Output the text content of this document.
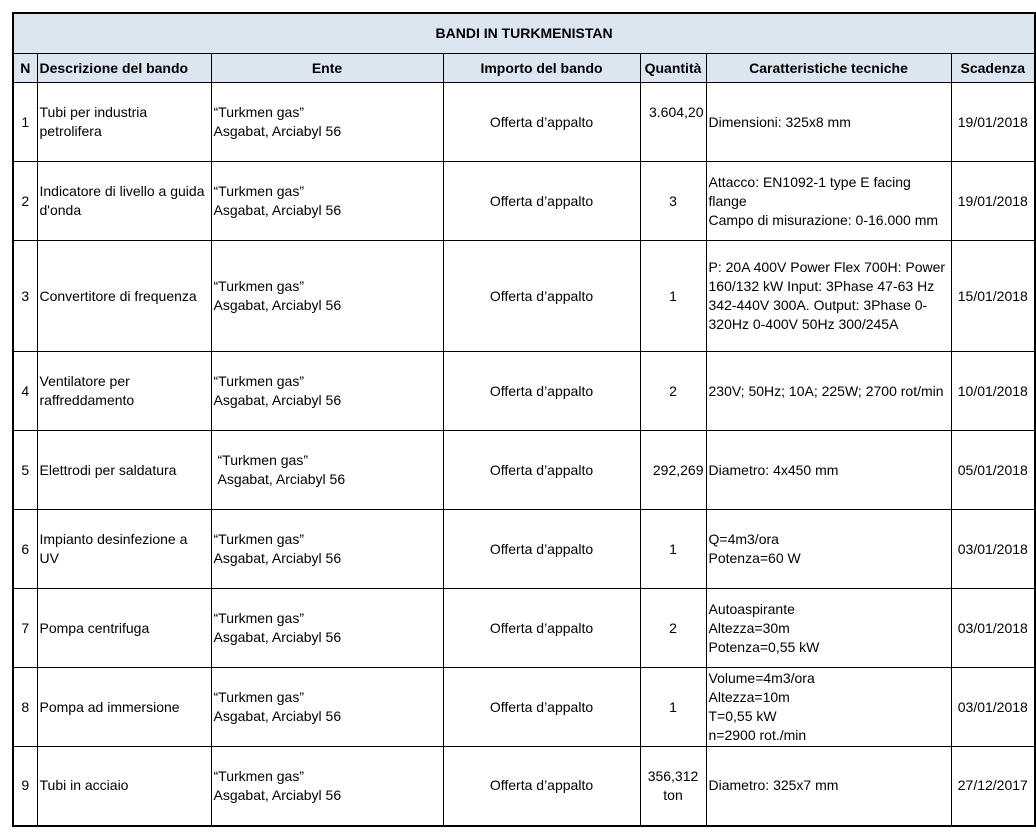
BANDI IN TURKMENISTAN						
N	Descrizione del bando	Ente	Importo del bando	Quantità	Caratteristiche tecniche	Scadenza
1	Tubi per industria petrolifera	“Turkmen gas”
Asgabat, Arciabyl 56	Offerta d’appalto	3.604,20	Dimensioni: 325x8 mm	19/01/2018
2	Indicatore di livello a guida d'onda	“Turkmen gas”
Asgabat, Arciabyl 56	Offerta d’appalto	3	Attacco: EN1092-1 type E facing flange
Campo di misurazione: 0-16.000 mm	19/01/2018
3	Convertitore di frequenza	“Turkmen gas”
Asgabat, Arciabyl 56	Offerta d’appalto	1	P: 20A 400V Power Flex 700H: Power 160/132 kW Input: 3Phase 47-63 Hz 342-440V 300A. Output: 3Phase 0-320Hz 0-400V 50Hz 300/245A	15/01/2018
4	Ventilatore per raffreddamento	“Turkmen gas”
Asgabat, Arciabyl 56	Offerta d’appalto	2	230V; 50Hz; 10A; 225W; 2700 rot/min	10/01/2018
5	Elettrodi per saldatura	“Turkmen gas”
Asgabat, Arciabyl 56	Offerta d’appalto	292,269	Diametro: 4x450 mm	05/01/2018
6	Impianto desinfezione a UV	“Turkmen gas”
Asgabat, Arciabyl 56	Offerta d’appalto	1	Q=4m3/ora
Potenza=60 W	03/01/2018
7	Pompa centrifuga	“Turkmen gas”
Asgabat, Arciabyl 56	Offerta d’appalto	2	Autoaspirante
Altezza=30m
Potenza=0,55 kW	03/01/2018
8	Pompa ad immersione	“Turkmen gas”
Asgabat, Arciabyl 56	Offerta d’appalto	1	Volume=4m3/ora
Altezza=10m
T=0,55 kW
n=2900 rot./min	03/01/2018
9	Tubi in acciaio	“Turkmen gas”
Asgabat, Arciabyl 56	Offerta d’appalto	356,312 ton	Diametro: 325x7 mm	27/12/2017
